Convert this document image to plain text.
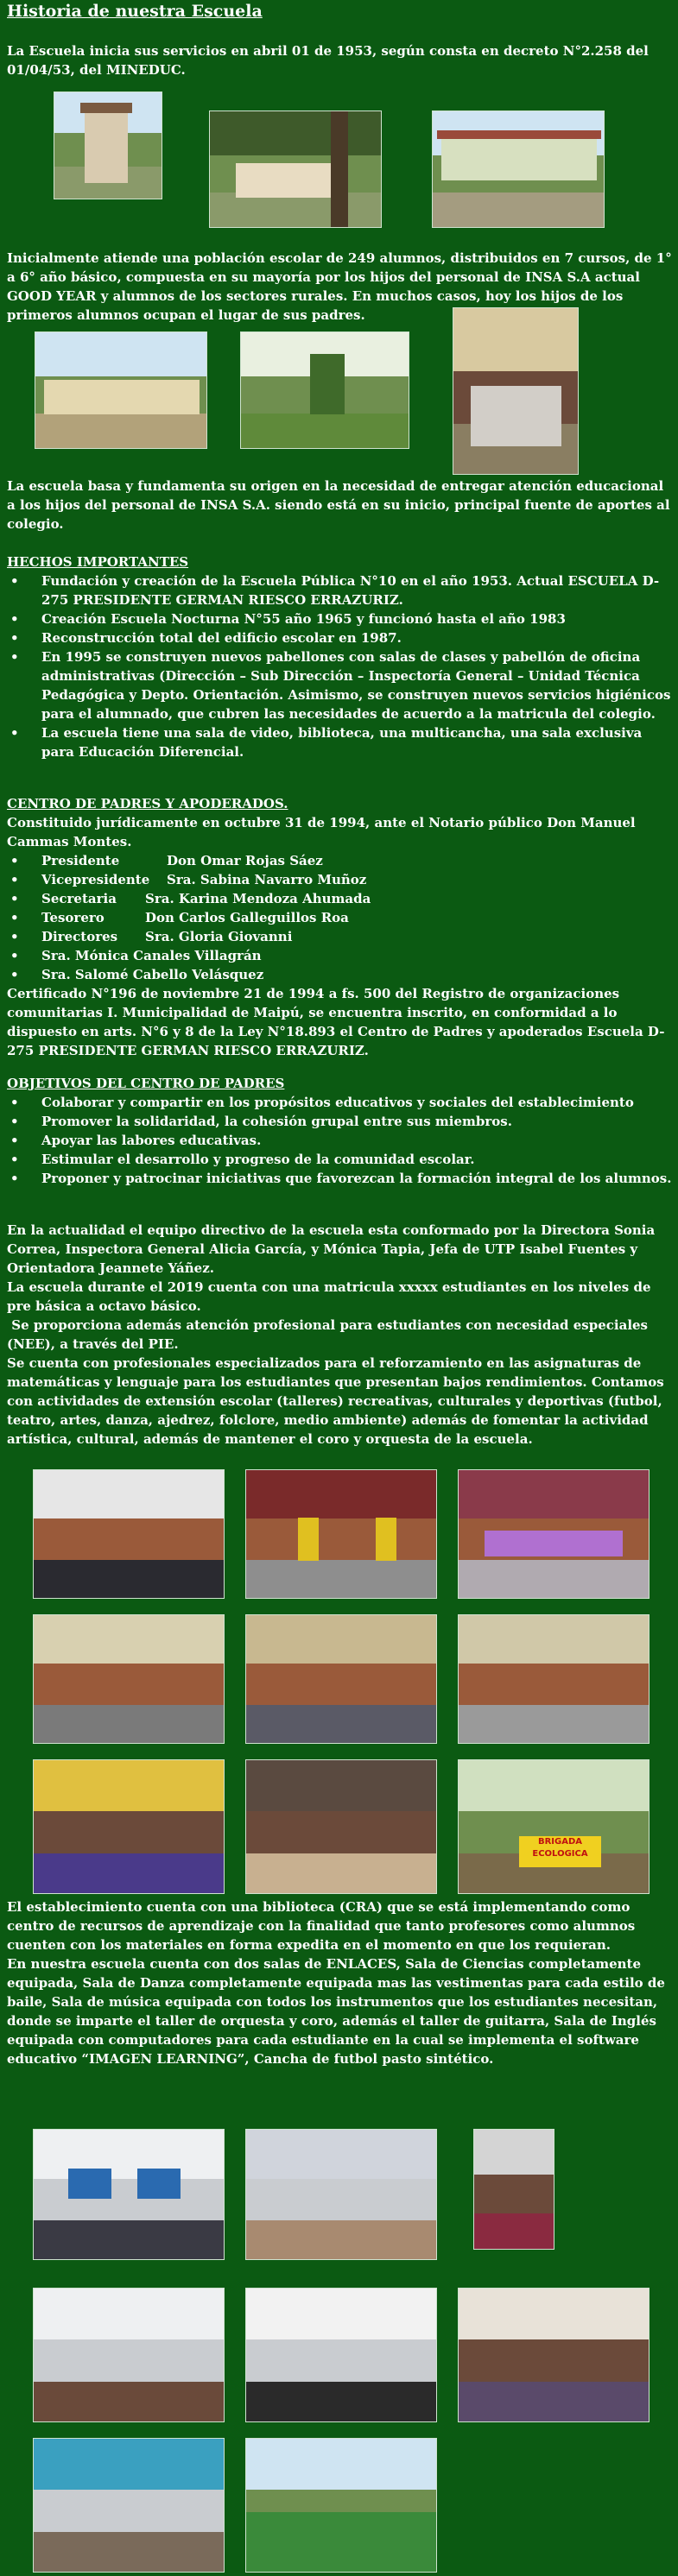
Historia de nuestra Escuela

La Escuela inicia sus servicios en abril 01 de 1953, según consta en decreto N°2.258 del 01/04/53, del MINEDUC.

Inicialmente atiende una población escolar de 249 alumnos, distribuidos en 7 cursos, de 1° a 6° año básico, compuesta en su mayoría por los hijos del personal de INSA S.A actual GOOD YEAR y alumnos de los sectores rurales. En muchos casos, hoy los hijos de los primeros alumnos ocupan el lugar de sus padres.

La escuela basa y fundamenta su origen en la necesidad de entregar atención educacional a los hijos del personal de INSA S.A. siendo está en su inicio, principal fuente de aportes al colegio.

HECHOS IMPORTANTES
• Fundación y creación de la Escuela Pública N°10 en el año 1953. Actual ESCUELA D-275 PRESIDENTE GERMAN RIESCO ERRAZURIZ.
• Creación Escuela Nocturna N°55 año 1965 y funcionó hasta el año 1983
• Reconstrucción total del edificio escolar en 1987.
• En 1995 se construyen nuevos pabellones con salas de clases y pabellón de oficina administrativas (Dirección – Sub Dirección – Inspectoría General – Unidad Técnica Pedagógica y Depto. Orientación. Asimismo, se construyen nuevos servicios higiénicos para el alumnado, que cubren las necesidades de acuerdo a la matricula del colegio.
• La escuela tiene una sala de video, biblioteca, una multicancha, una sala exclusiva para Educación Diferencial.
CENTRO DE PADRES Y APODERADOS.

Constituido jurídicamente en octubre 31 de 1994, ante el Notario público Don Manuel Cammas Montes.

• Presidente	Don Omar Rojas Sáez
• Vicepresidente Sra. Sabina Navarro Muñoz
• Secretaria Sra. Karina Mendoza Ahumada
• Tesorero	Don Carlos Galleguillos Roa
• Directores Sra. Gloria Giovanni
• Sra. Mónica Canales Villagrán
• Sra. Salomé Cabello Velásquez

Certificado N°196 de noviembre 21 de 1994 a fs. 500 del Registro de organizaciones comunitarias I. Municipalidad de Maipú, se encuentra inscrito, en conformidad a lo dispuesto en arts. N°6 y 8 de la Ley N°18.893 el Centro de Padres y apoderados Escuela D-275 PRESIDENTE GERMAN RIESCO ERRAZURIZ.

OBJETIVOS DEL CENTRO DE PADRES
• Colaborar y compartir en los propósitos educativos y sociales del establecimiento
• Promover la solidaridad, la cohesión grupal entre sus miembros.
• Apoyar las labores educativas.
• Estimular el desarrollo y progreso de la comunidad escolar.
• Proponer y patrocinar iniciativas que favorezcan la formación integral de los alumnos.

En la actualidad el equipo directivo de la escuela esta conformado por la Directora Sonia Correa, Inspectora General Alicia García, y Mónica Tapia, Jefa de UTP Isabel Fuentes y Orientadora Jeannete Yáñez.

La escuela durante el 2019 cuenta con una matricula xxxxx estudiantes en los niveles de pre básica a octavo básico.

Se proporciona además atención profesional para estudiantes con necesidad especiales (NEE), a través del PIE.

Se cuenta con profesionales especializados para el reforzamiento en las asignaturas de matemáticas y lenguaje para los estudiantes que presentan bajos rendimientos. Contamos con actividades de extensión escolar (talleres) recreativas, culturales y deportivas (futbol, teatro, artes, danza, ajedrez, folclore, medio ambiente) además de fomentar la actividad artística, cultural, además de mantener el coro y orquesta de la escuela.

BRIGADA ECOLOGICA

El establecimiento cuenta con una biblioteca (CRA) que se está implementando como centro de recursos de aprendizaje con la finalidad que tanto profesores como alumnos cuenten con los materiales en forma expedita en el momento en que los requieran.

En nuestra escuela cuenta con dos salas de ENLACES, Sala de Ciencias completamente equipada, Sala de Danza completamente equipada mas las vestimentas para cada estilo de baile, Sala de música equipada con todos los instrumentos que los estudiantes necesitan, donde se imparte el taller de orquesta y coro, además el taller de guitarra, Sala de Inglés equipada con computadores para cada estudiante en la cual se implementa el software educativo “IMAGEN LEARNING”, Cancha de futbol pasto sintético.
